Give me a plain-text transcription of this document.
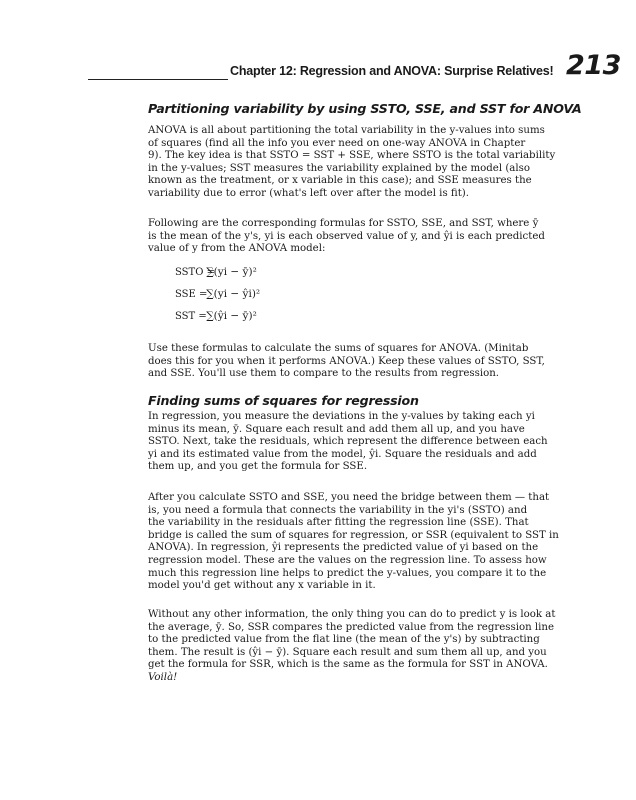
Chapter 12: Regression and ANOVA: Surprise Relatives! 213
Partitioning variability by using SSTO, SSE, and SST for ANOVA
ANOVA is all about partitioning the total variability in the y-values into sums
of squares (find all the info you ever need on one-way ANOVA in Chapter
9). The key idea is that SSTO = SST + SSE, where SSTO is the total variability
in the y-values; SST measures the variability explained by the model (also
known as the treatment, or x variable in this case); and SSE measures the
variability due to error (what's left over after the model is fit).
Following are the corresponding formulas for SSTO, SSE, and SST, where ȳ
is the mean of the y's, yi is each observed value of y, and ŷi is each predicted
value of y from the ANOVA model:
SSTO = ∑(yi − ȳ)²
SSE = ∑(yi − ŷi)²
SST = ∑(ŷi − ȳ)²
Use these formulas to calculate the sums of squares for ANOVA. (Minitab
does this for you when it performs ANOVA.) Keep these values of SSTO, SST,
and SSE. You'll use them to compare to the results from regression.
Finding sums of squares for regression
In regression, you measure the deviations in the y-values by taking each yi
minus its mean, ȳ. Square each result and add them all up, and you have
SSTO. Next, take the residuals, which represent the difference between each
yi and its estimated value from the model, ŷi. Square the residuals and add
them up, and you get the formula for SSE.
After you calculate SSTO and SSE, you need the bridge between them — that
is, you need a formula that connects the variability in the yi's (SSTO) and
the variability in the residuals after fitting the regression line (SSE). That
bridge is called the sum of squares for regression, or SSR (equivalent to SST in
ANOVA). In regression, ŷi represents the predicted value of yi based on the
regression model. These are the values on the regression line. To assess how
much this regression line helps to predict the y-values, you compare it to the
model you'd get without any x variable in it.
Without any other information, the only thing you can do to predict y is look at
the average, ȳ. So, SSR compares the predicted value from the regression line
to the predicted value from the flat line (the mean of the y's) by subtracting
them. The result is (ŷi − ȳ). Square each result and sum them all up, and you
get the formula for SSR, which is the same as the formula for SST in ANOVA.
Voilà!
